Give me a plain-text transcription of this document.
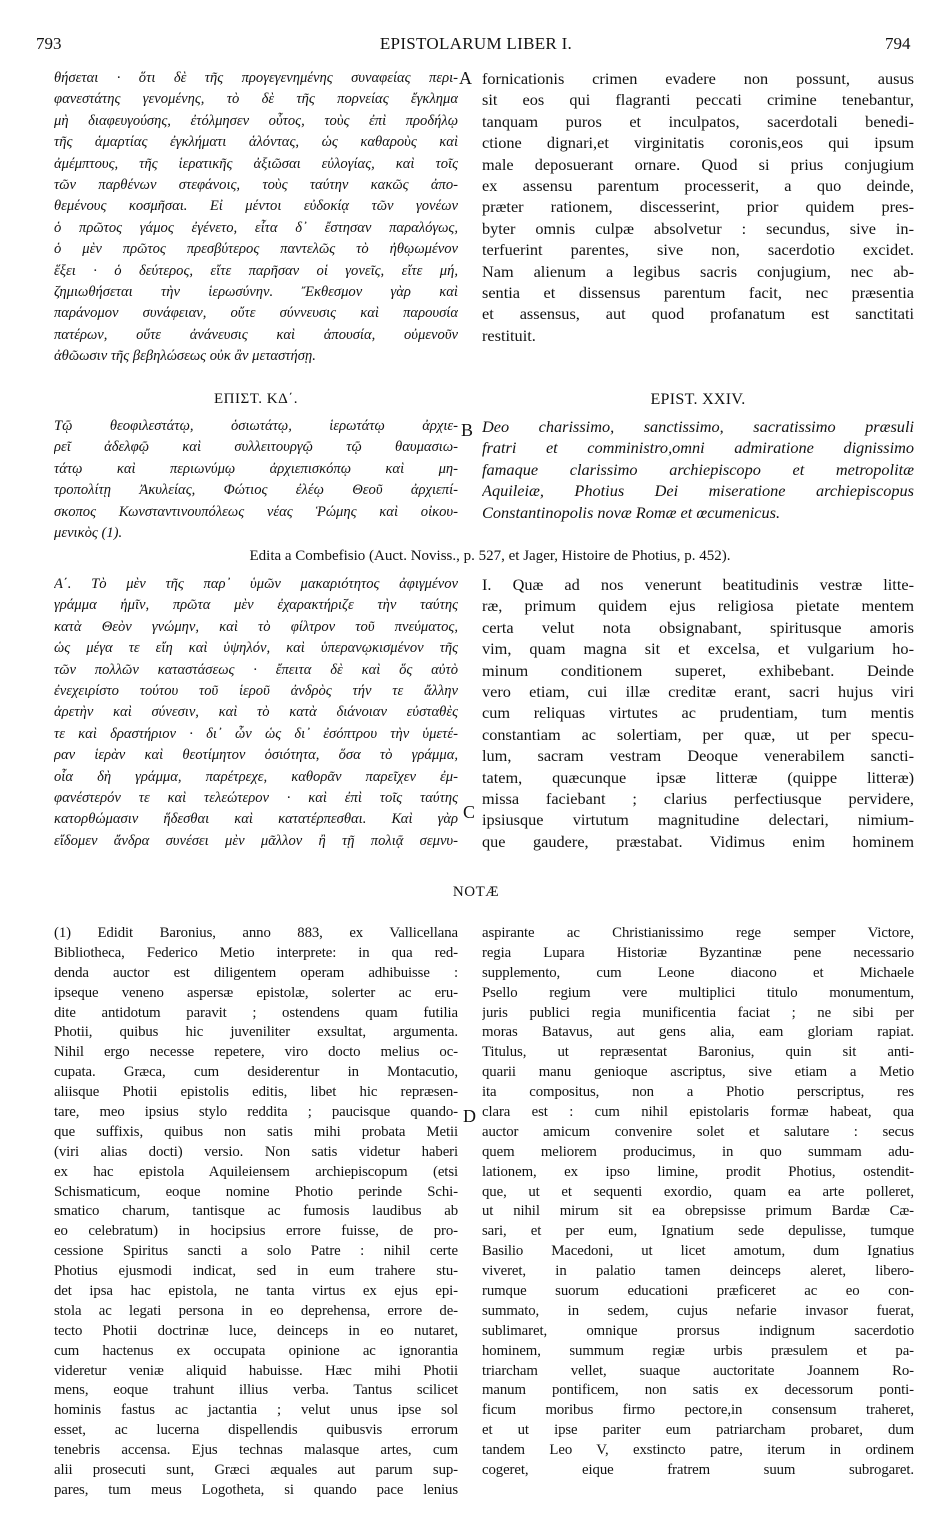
793	EPISTOLARUM LIBER I.	794
A
B
C
D
θήσεται · ὅτι δὲ τῆς προγεγενημένης συναφείας περι-
φανεστάτης γενομένης, τὸ δὲ τῆς πορνείας ἔγκλημα
μὴ διαφευγούσης, ἐτόλμησεν οὗτος, τοὺς ἐπὶ προδήλῳ
τῆς ἁμαρτίας ἐγκλήματι ἁλόντας, ὡς καθαροὺς καὶ
ἀμέμπτους, τῆς ἱερατικῆς ἀξιῶσαι εὐλογίας, καὶ τοῖς
τῶν παρθένων στεφάνοις, τοὺς ταύτην κακῶς ἀπο-
θεμένους κοσμῆσαι. Εἰ μέντοι εὐδοκίᾳ τῶν γονέων
ὁ πρῶτος γάμος ἐγένετο, εἶτα δ᾽ ἔστησαν παραλόγως,
ὁ μὲν πρῶτος πρεσβύτερος παντελῶς τὸ ἠθῳωμένον
ἕξει · ὁ δεύτερος, εἴτε παρῆσαν οἱ γονεῖς, εἴτε μή,
ζημιωθήσεται τὴν ἱερωσύνην. Ἔκθεσμον γὰρ καὶ
παράνομον συνάφειαν, οὔτε σύννευσις καὶ παρουσία
πατέρων, οὔτε ἀνάνευσις καὶ ἀπουσία, οὐμενοῦν
ἀθῶωσιν τῆς βεβηλώσεως οὐκ ἂν μεταστήσῃ.
fornicationis crimen evadere non possunt, ausus
sit eos qui flagranti peccati crimine tenebantur,
tanquam puros et inculpatos, sacerdotali benedi-
ctione dignari,et virginitatis coronis,eos qui ipsum
male deposuerant ornare. Quod si prius conjugium
ex assensu parentum processerit, a quo deinde,
præter rationem, discesserint, prior quidem pres-
byter omnis culpæ absolvetur : secundus, sive in-
terfuerint parentes, sive non, sacerdotio excidet.
Nam alienum a legibus sacris conjugium, nec ab-
sentia et dissensus parentum facit, nec præsentia
et assensus, aut quod profanatum est sanctitati
restituit.
ΕΠΙΣΤ. ΚΔ΄.	EPIST. XXIV.
Τῷ θεοφιλεστάτῳ, ὁσιωτάτῳ, ἱερωτάτῳ ἀρχιε-
ρεῖ ἀδελφῷ καὶ συλλειτουργῷ τῷ θαυμασιω-
τάτῳ καὶ περιωνύμῳ ἀρχιεπισκόπῳ καὶ μη-
τροπολίτῃ Ἀκυλείας, Φώτιος ἐλέῳ Θεοῦ ἀρχιεπί-
σκοπος Κωνσταντινουπόλεως νέας Ῥώμης καὶ οἰκου-
μενικὸς (1).
Deo charissimo, sanctissimo, sacratissimo præsuli
fratri et comministro,omni admiratione dignissimo
famaque clarissimo archiepiscopo et metropolitæ
Aquileiæ, Photius Dei miseratione archiepiscopus
Constantinopolis novæ Romæ et œcumenicus.
Edita a Combefisio (Auct. Noviss., p. 527, et Jager, Histoire de Photius, p. 452).
Α΄. Τὸ μὲν τῆς παρ᾽ ὑμῶν μακαριότητος ἀφιγμένον
γράμμα ἡμῖν, πρῶτα μὲν ἐχαρακτήριζε τὴν ταύτης
κατὰ Θεὸν γνώμην, καὶ τὸ φίλτρον τοῦ πνεύματος,
ὡς μέγα τε εἴη καὶ ὑψηλόν, καὶ ὑπερανῳκισμένον τῆς
τῶν πολλῶν καταστάσεως · ἔπειτα δὲ καὶ ὅς αὐτὸ
ἐνεχειρίστο τούτου τοῦ ἱεροῦ ἀνδρὸς τήν τε ἄλλην
ἀρετὴν καὶ σύνεσιν, καὶ τὸ κατὰ διάνοιαν εὐσταθὲς
τε καὶ δραστήριον · δι᾽ ὧν ὡς δι᾽ ἐσόπτρου τὴν ὑμετέ-
ραν ἱερὰν καὶ θεοτίμητον ὁσιότητα, ὅσα τὸ γράμμα,
οἷα δὴ γράμμα, παρέτρεχε, καθορᾶν παρεῖχεν ἐμ-
φανέστερόν τε καὶ τελεώτερον · καὶ ἐπὶ τοῖς ταύτης
κατορθώμασιν ἥδεσθαι καὶ κατατέρπεσθαι. Καὶ γὰρ
εἴδομεν ἄνδρα συνέσει μὲν μᾶλλον ἢ τῇ πολιᾷ σεμνυ-
I. Quæ ad nos venerunt beatitudinis vestræ litte-
ræ, primum quidem ejus religiosa pietate mentem
certa velut nota obsignabant, spiritusque amoris
vim, quam magna sit et excelsa, et vulgarium ho-
minum conditionem superet, exhibebant. Deinde
vero etiam, cui illæ creditæ erant, sacri hujus viri
cum reliquas virtutes ac prudentiam, tum mentis
constantiam ac solertiam, per quæ, ut per specu-
lum, sacram vestram Deoque venerabilem sancti-
tatem, quæcunque ipsæ litteræ (quippe litteræ)
missa faciebant ; clarius perfectiusque pervidere,
ipsiusque virtutum magnitudine delectari, nimium-
que gaudere, præstabat. Vidimus enim hominem
NOTÆ
(1) Edidit Baronius, anno 883, ex Vallicellana
Bibliotheca, Federico Metio interprete: in qua red-
denda auctor est diligentem operam adhibuisse :
ipseque veneno aspersæ epistolæ, solerter ac eru-
dite antidotum paravit ; ostendens quam futilia
Photii, quibus hic juveniliter exsultat, argumenta.
Nihil ergo necesse repetere, viro docto melius oc-
cupata. Græca, cum desiderentur in Montacutio,
aliisque Photii epistolis editis, libet hic repræsen-
tare, meo ipsius stylo reddita ; paucisque quando-
que suffixis, quibus non satis mihi probata Metii
(viri alias docti) versio. Non satis videtur haberi
ex hac epistola Aquileiensem archiepiscopum (etsi
Schismaticum, eoque nomine Photio perinde Schi-
smatico charum, tantisque ac fumosis laudibus ab
eo celebratum) in hocipsius errore fuisse, de pro-
cessione Spiritus sancti a solo Patre : nihil certe
Photius ejusmodi indicat, sed in eum trahere stu-
det ipsa hac epistola, ne tanta virtus ex ejus epi-
stola ac legati persona in eo deprehensa, errore de-
tecto Photii doctrinæ luce, deinceps in eo nutaret,
cum hactenus ex occupata opinione ac ignorantia
videretur veniæ aliquid habuisse. Hæc mihi Photii
mens, eoque trahunt illius verba. Tantus scilicet
hominis fastus ac jactantia ; velut unus ipse sol
esset, ac lucerna dispellendis quibusvis errorum
tenebris accensa. Ejus technas malasque artes, cum
alii prosecuti sunt, Græci æquales aut parum sup-
pares, tum meus Logotheta, si quando pace lenius
aspirante ac Christianissimo rege semper Victore,
regia Lupara Historiæ Byzantinæ pene necessario
supplemento, cum Leone diacono et Michaele
Psello regium vere multiplici titulo monumentum,
juris publici regia munificentia faciat ; ne sibi per
moras Batavus, aut gens alia, eam gloriam rapiat.
Titulus, ut repræsentat Baronius, quin sit anti-
quarii manu genioque ascriptus, sive etiam a Metio
ita compositus, non a Photio perscriptus, res
clara est : cum nihil epistolaris formæ habeat, qua
auctor amicum convenire solet et salutare : secus
quem meliorem producimus, in quo summam adu-
lationem, ex ipso limine, prodit Photius, ostendit-
que, ut et sequenti exordio, quam ea arte polleret,
ut nihil mirum sit ea obrepsisse primum Bardæ Cæ-
sari, et per eum, Ignatium sede depulisse, tumque
Basilio Macedoni, ut licet amotum, dum Ignatius
viveret, in palatio tamen deinceps aleret, libero-
rumque suorum educationi præficeret ac eo con-
summato, in sedem, cujus nefarie invasor fuerat,
sublimaret, omnique prorsus indignum sacerdotio
hominem, summum regiæ urbis præsulem et pa-
triarcham vellet, suaque auctoritate Joannem Ro-
manum pontificem, non satis ex decessorum ponti-
ficum moribus firmo pectore,in consensum traheret,
et ut ipse pariter eum patriarcham probaret, dum
tandem Leo V, exstincto patre, iterum in ordinem
cogeret, eique fratrem suum subrogaret.
